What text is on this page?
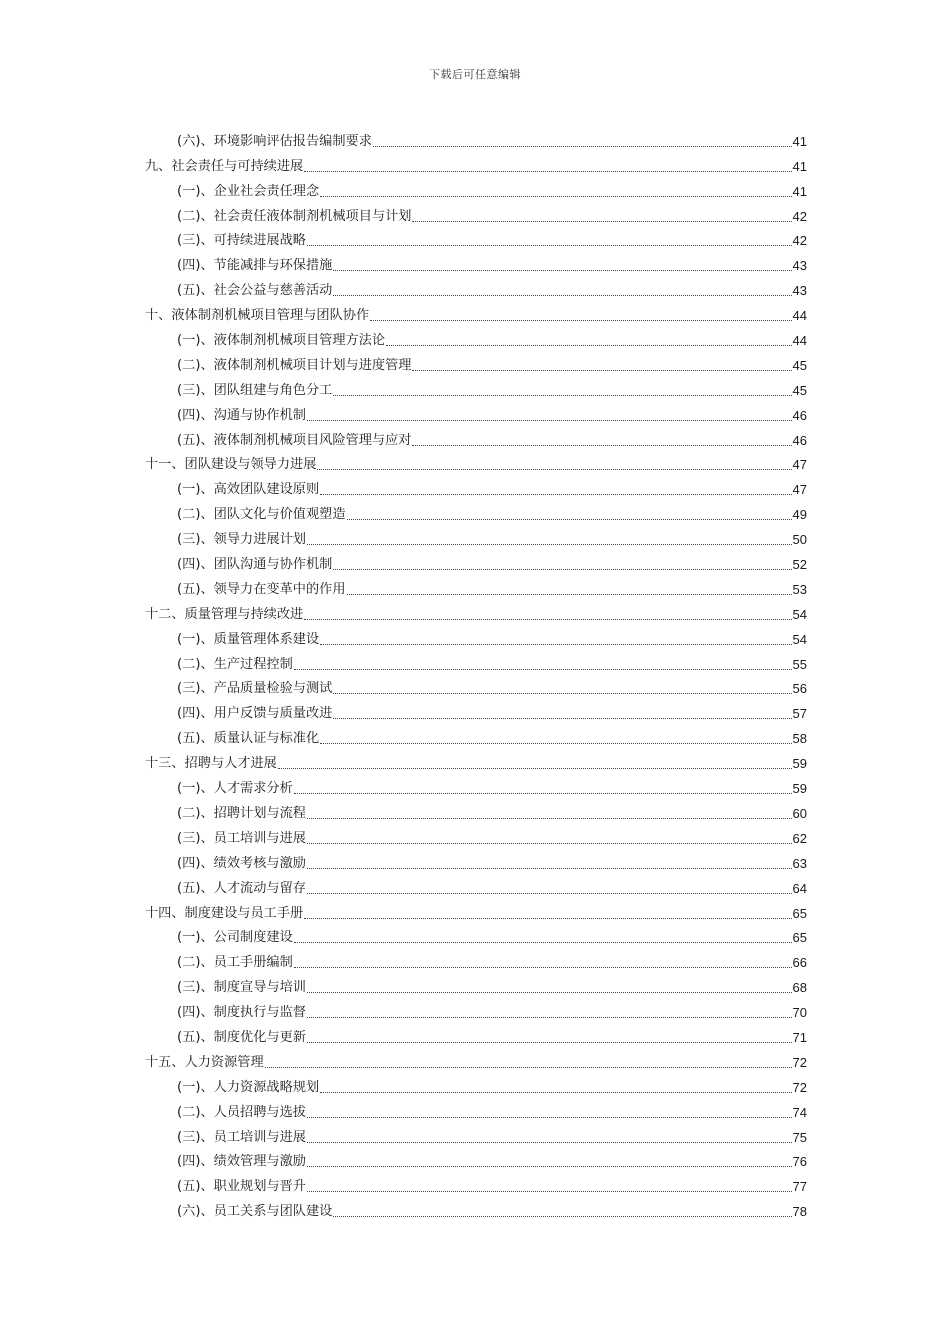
下载后可任意编辑
(六)、环境影响评估报告编制要求	41
九、社会责任与可持续进展	41
(一)、企业社会责任理念	41
(二)、社会责任液体制剂机械项目与计划	42
(三)、可持续进展战略	42
(四)、节能减排与环保措施	43
(五)、社会公益与慈善活动	43
十、液体制剂机械项目管理与团队协作	44
(一)、液体制剂机械项目管理方法论	44
(二)、液体制剂机械项目计划与进度管理	45
(三)、团队组建与角色分工	45
(四)、沟通与协作机制	46
(五)、液体制剂机械项目风险管理与应对	46
十一、团队建设与领导力进展	47
(一)、高效团队建设原则	47
(二)、团队文化与价值观塑造	49
(三)、领导力进展计划	50
(四)、团队沟通与协作机制	52
(五)、领导力在变革中的作用	53
十二、质量管理与持续改进	54
(一)、质量管理体系建设	54
(二)、生产过程控制	55
(三)、产品质量检验与测试	56
(四)、用户反馈与质量改进	57
(五)、质量认证与标准化	58
十三、招聘与人才进展	59
(一)、人才需求分析	59
(二)、招聘计划与流程	60
(三)、员工培训与进展	62
(四)、绩效考核与激励	63
(五)、人才流动与留存	64
十四、制度建设与员工手册	65
(一)、公司制度建设	65
(二)、员工手册编制	66
(三)、制度宣导与培训	68
(四)、制度执行与监督	70
(五)、制度优化与更新	71
十五、人力资源管理	72
(一)、人力资源战略规划	72
(二)、人员招聘与选拔	74
(三)、员工培训与进展	75
(四)、绩效管理与激励	76
(五)、职业规划与晋升	77
(六)、员工关系与团队建设	78
